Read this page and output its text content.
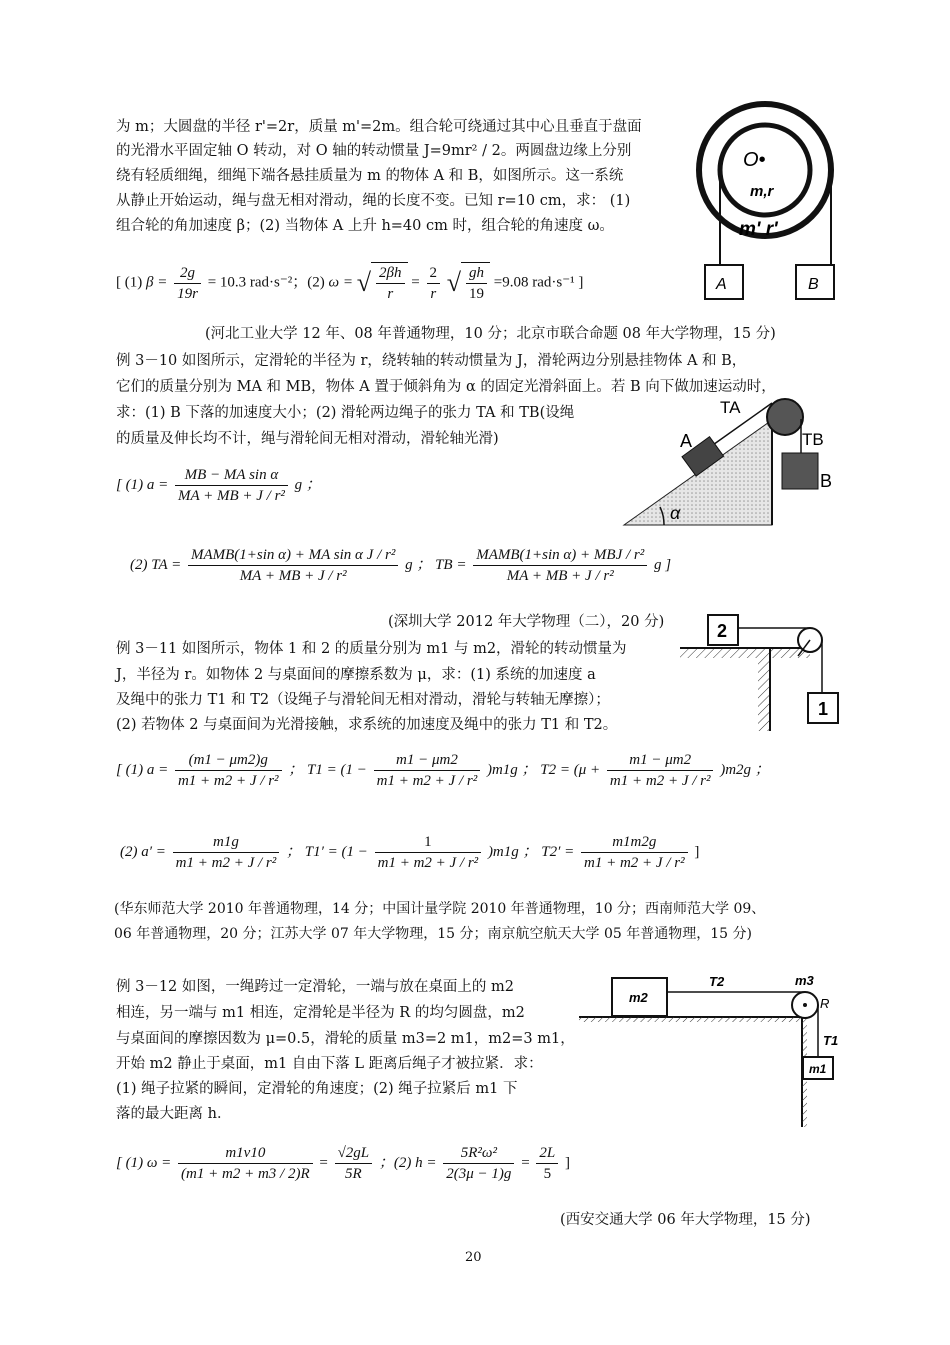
为 m；大圆盘的半径 r'=2r，质量 m'=2m。组合轮可绕通过其中心且垂直于盘面
的光滑水平固定轴 O 转动，对 O 轴的转动惯量 J=9mr² / 2。两圆盘边缘上分别
绕有轻质细绳，细绳下端各悬挂质量为 m 的物体 A 和 B，如图所示。这一系统
从静止开始运动，绳与盘无相对滑动，绳的长度不变。已知 r=10 cm，求： (1)
组合轮的角加速度 β；(2) 当物体 A 上升 h=40 cm 时，组合轮的角速度 ω。
O•
m,r
m' r'
A	B
[ (1) $\beta = \frac{2g}{19r} = 10.3$ rad·s⁻²；(2) ω = √ $\frac{2\beta h}{r} = \frac{2}{r}$ √ $\frac{gh}{19} =9.08$ rad·s⁻¹ ]
(河北工业大学 12 年、08 年普通物理，10 分；北京市联合命题 08 年大学物理，15 分)
例 3－10 如图所示，定滑轮的半径为 r，绕转轴的转动惯量为 J，滑轮两边分别悬挂物体 A 和 B，
它们的质量分别为 MA 和 MB，物体 A 置于倾斜角为 α 的固定光滑斜面上。若 B 向下做加速运动时，
求：(1) B 下落的加速度大小；(2) 滑轮两边绳子的张力 TA 和 TB(设绳
的质量及伸长均不计，绳与滑轮间无相对滑动，滑轮轴光滑)
TA
TB
A
B
α
[ (1) $a = \frac{\text{MB − MA sin α}}{\text{MA + MB + J / r²}}$ g ；
(2) TA =
MAMB(1+sin α) + MA sin α J / r²
MA + MB + J / r²
g ； TB =
MAMB(1+sin α) + MBJ / r²
MA + MB + J / r²
g ]
(深圳大学 2012 年大学物理（二），20 分)
例 3－11 如图所示，物体 1 和 2 的质量分别为 m1 与 m2，滑轮的转动惯量为
J，半径为 r。如物体 2 与桌面间的摩擦系数为 μ，求：(1) 系统的加速度 a
及绳中的张力 T1 和 T2（设绳子与滑轮间无相对滑动，滑轮与转轴无摩擦）；
(2) 若物体 2 与桌面间为光滑接触，求系统的加速度及绳中的张力 T1 和 T2。
2
1
[ (1) $a = \frac{(m1 - \mu m2)g}{\text{m1 + m2 + J / r²}}$ ； $T1 = (1 - \frac{m1 - \mu m2}{\text{m1 + m2 + J / r²}} )m1g$ ； $T2 = (\mu + \frac{m1 - \mu m2}{\text{m1 + m2 + J / r²}} )m2g$ ；
(2) $a' = \frac{m1g}{\text{m1 + m2 + J / r²}}$ ； $T1' = (1 - \frac{1}{\text{m1 + m2 + J / r²}} )m1g$ ； $T2' = \frac{m1m2g}{\text{m1 + m2 + J / r²}}$ ]
(华东师范大学 2010 年普通物理，14 分；中国计量学院 2010 年普通物理，10 分；西南师范大学 09、
06 年普通物理，20 分；江苏大学 07 年大学物理，15 分；南京航空航天大学 05 年普通物理，15 分)
例 3－12 如图，一绳跨过一定滑轮，一端与放在桌面上的 m2
相连，另一端与 m1 相连，定滑轮是半径为 R 的均匀圆盘，m2
与桌面间的摩擦因数为 μ=0.5，滑轮的质量 m3=2 m1，m2=3 m1，
开始 m2 静止于桌面，m1 自由下落 L 距离后绳子才被拉紧．求：
(1) 绳子拉紧的瞬间，定滑轮的角速度；(2) 绳子拉紧后 m1 下
落的最大距离 h．
m2
T2	m3
R
T1
m1
[ (1) $\omega = \frac{m1v10}{(m1 + m2 + m3 / 2)R} = \frac{√2gL}{5R}$ ；(2) $h = \frac{\text{5R²ω²}}{2(3\mu - 1)g} = \frac{2L}{5}$ ]
(西安交通大学 06 年大学物理，15 分)
20
